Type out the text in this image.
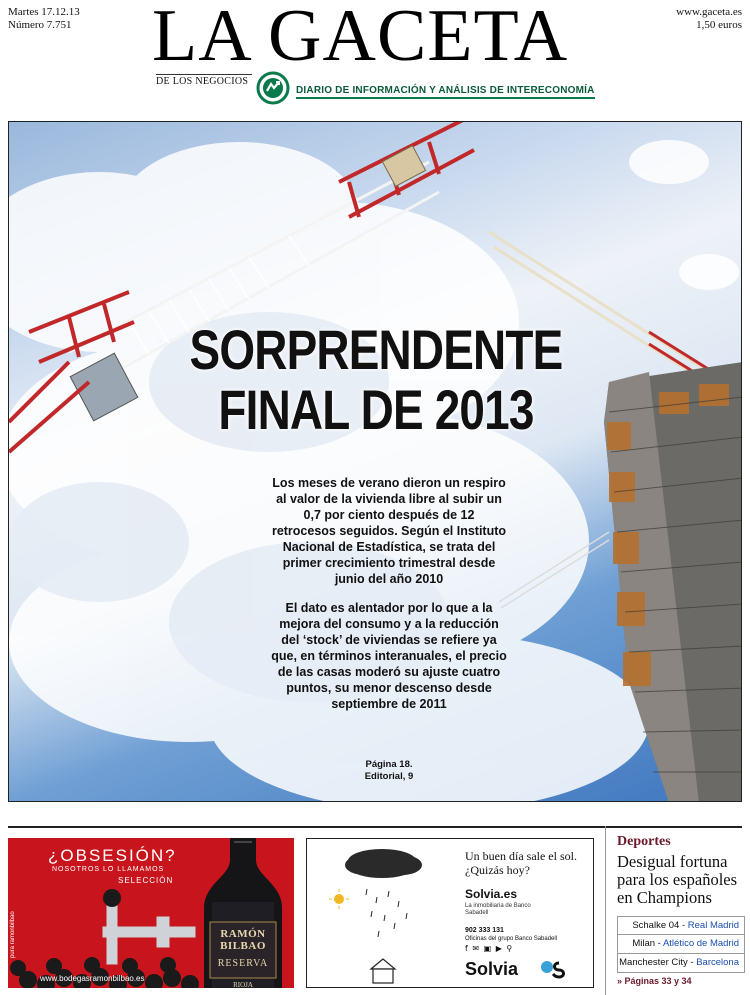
Martes 17.12.13
Número 7.751
www.gaceta.es
1,50 euros
LA GACETA
DE LOS NEGOCIOS
DIARIO DE INFORMACIÓN Y ANÁLISIS DE INTERECONOMÍA
SORPRENDENTE
FINAL DE 2013

Los meses de verano dieron un respiro al valor de la vivienda libre al subir un 0,7 por ciento después de 12 retrocesos seguidos. Según el Instituto Nacional de Estadística, se trata del primer crecimiento trimestral desde junio del año 2010

El dato es alentador por lo que a la mejora del consumo y a la reducción del ‘stock’ de viviendas se refiere ya que, en términos interanuales, el precio de las casas moderó su ajuste cuatro puntos, su menor descenso desde septiembre de 2011

Página 18.
Editorial, 9
pura ramonbilbao
¿OBSESIÓN?
NOSOTROS LO LLAMAMOS
SELECCIÓN
www.bodegasramonbilbao.es
RAMÓN BILBAO
RESERVA
RIOJA
Un buen día sale el sol.
¿Quizás hoy?
Solvia.es
La inmobiliaria de Banco Sabadell
902 333 131
Oficinas del grupo Banco Sabadell
f ✉ ▣ ▶ ⚲
Solvia
Deportes
Desigual fortuna para los españoles en Champions
Schalke 04 - Real Madrid
Milan - Atlético de Madrid
Manchester City - Barcelona
» Páginas 33 y 34
